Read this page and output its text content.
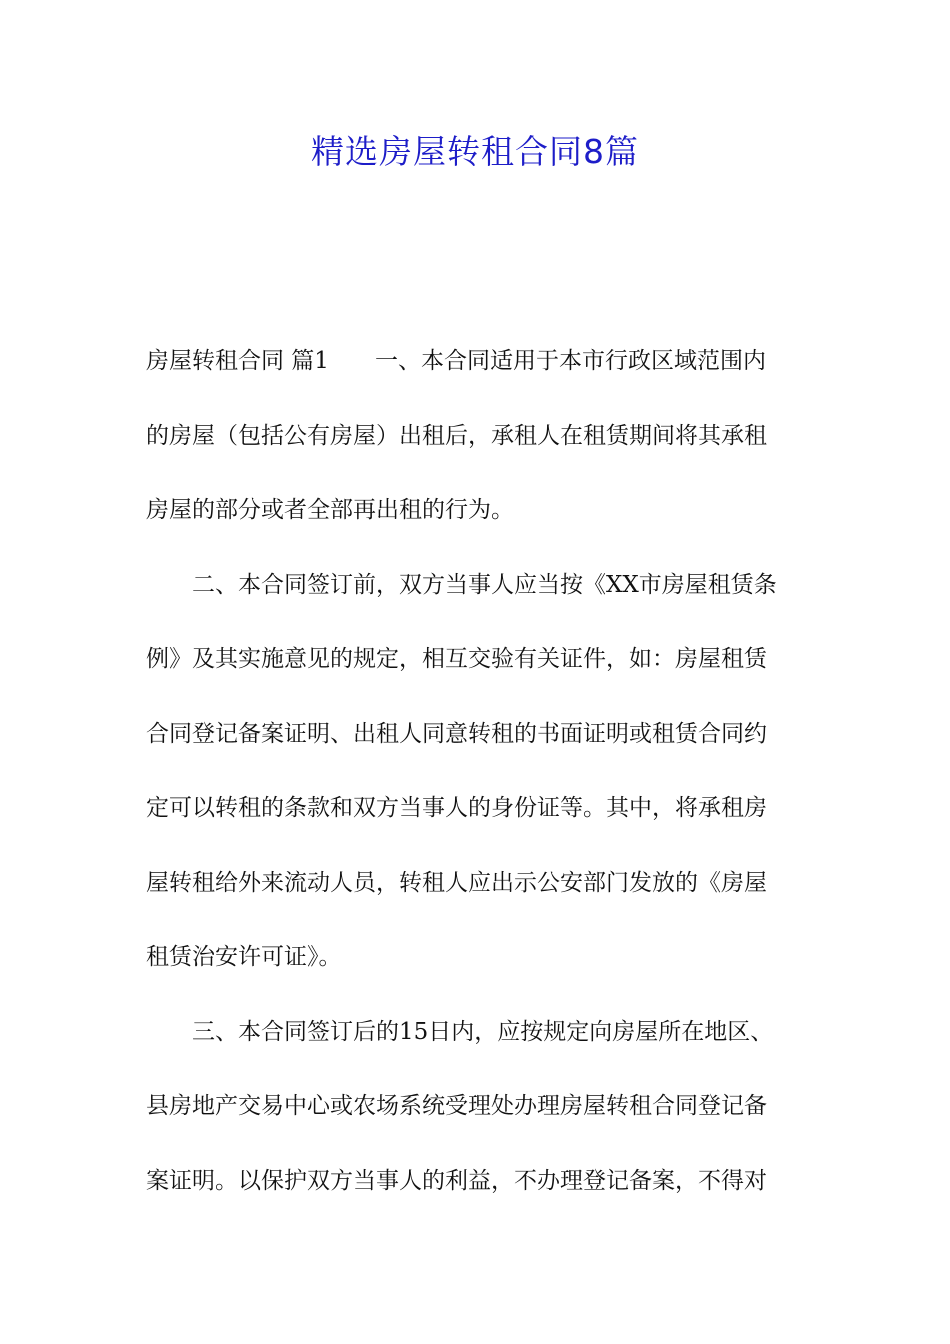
精选房屋转租合同8篇
房屋转租合同 篇1　　一、本合同适用于本市行政区域范围内
的房屋（包括公有房屋）出租后，承租人在租赁期间将其承租
房屋的部分或者全部再出租的行为。
二、本合同签订前，双方当事人应当按《XX市房屋租赁条
例》及其实施意见的规定，相互交验有关证件，如：房屋租赁
合同登记备案证明、出租人同意转租的书面证明或租赁合同约
定可以转租的条款和双方当事人的身份证等。其中，将承租房
屋转租给外来流动人员，转租人应出示公安部门发放的《房屋
租赁治安许可证》。
三、本合同签订后的15日内，应按规定向房屋所在地区、
县房地产交易中心或农场系统受理处办理房屋转租合同登记备
案证明。以保护双方当事人的利益，不办理登记备案，不得对
